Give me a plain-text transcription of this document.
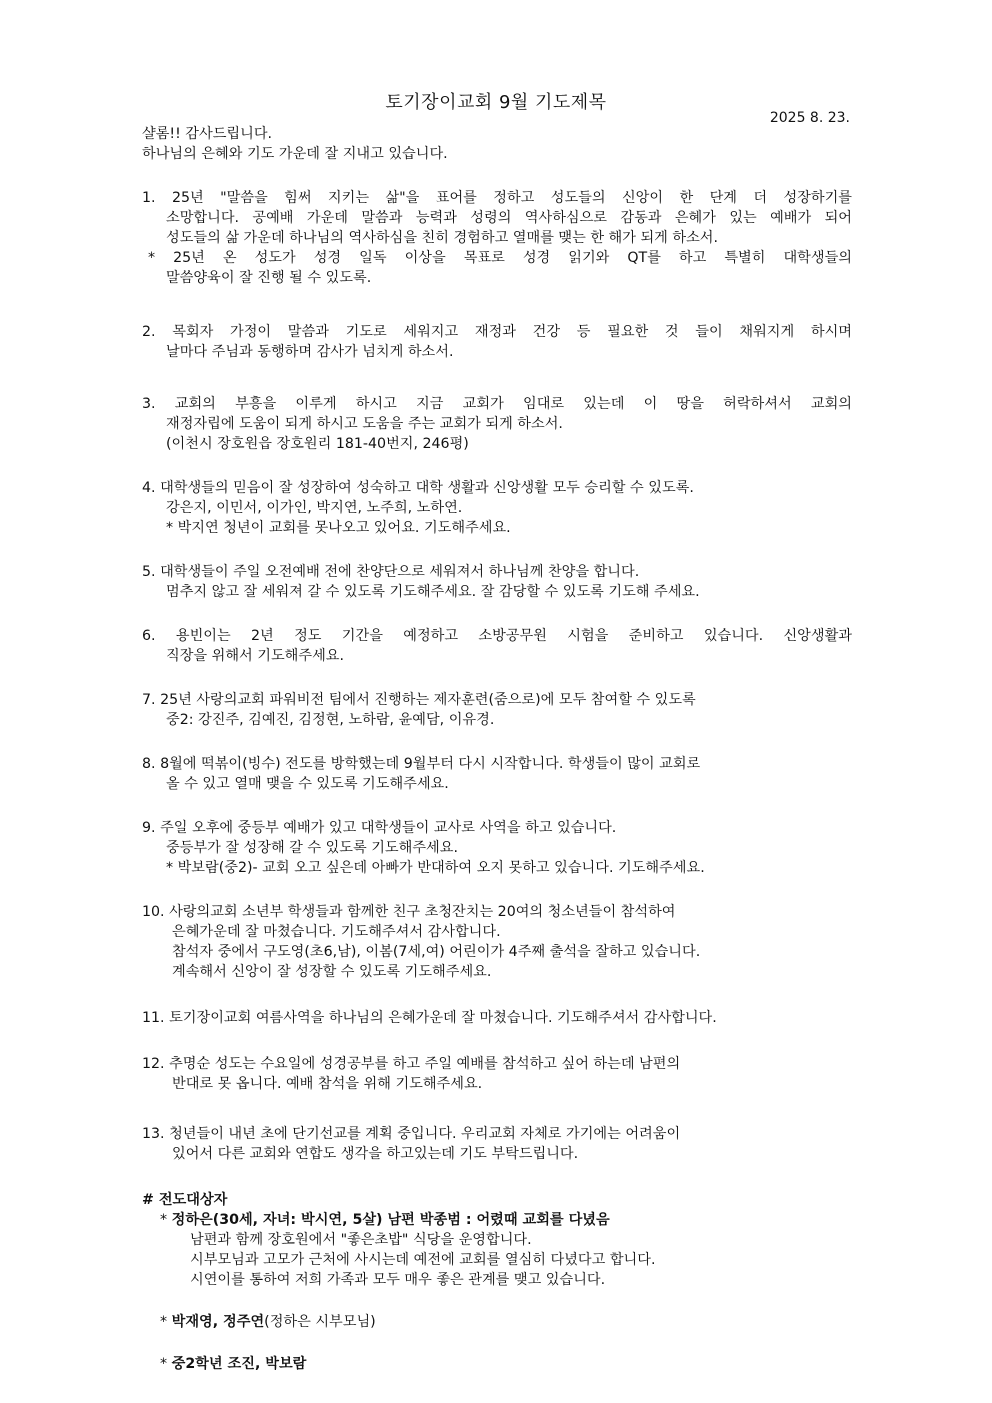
토기장이교회 9월 기도제목
2025 8. 23.
샬롬!! 감사드립니다.
하나님의 은혜와 기도 가운데 잘 지내고 있습니다.
1. 25년 "말씀을 힘써 지키는 삶"을 표어를 정하고 성도들의 신앙이 한 단계 더 성장하기를
소망합니다. 공예배 가운데 말씀과 능력과 성령의 역사하심으로 감동과 은혜가 있는 예배가 되어
성도들의 삶 가운데 하나님의 역사하심을 친히 경험하고 열매를 맺는 한 해가 되게 하소서.
* 25년 온 성도가 성경 일독 이상을 목표로 성경 읽기와 QT를 하고 특별히 대학생들의
말씀양육이 잘 진행 될 수 있도록.
2. 목회자 가정이 말씀과 기도로 세워지고 재정과 건강 등 필요한 것 들이 채워지게 하시며
날마다 주님과 동행하며 감사가 넘치게 하소서.
3. 교회의 부흥을 이루게 하시고 지금 교회가 임대로 있는데 이 땅을 허락하셔서 교회의
재정자립에 도움이 되게 하시고 도움을 주는 교회가 되게 하소서.
(이천시 장호원읍 장호원리 181-40번지, 246평)
4. 대학생들의 믿음이 잘 성장하여 성숙하고 대학 생활과 신앙생활 모두 승리할 수 있도록.
강은지, 이민서, 이가인, 박지연, 노주희, 노하연.
* 박지연 청년이 교회를 못나오고 있어요. 기도해주세요.
5. 대학생들이 주일 오전예배 전에 찬양단으로 세워져서 하나님께 찬양을 합니다.
멈추지 않고 잘 세워져 갈 수 있도록 기도해주세요. 잘 감당할 수 있도록 기도해 주세요.
6. 용빈이는 2년 정도 기간을 예정하고 소방공무원 시험을 준비하고 있습니다. 신앙생활과
직장을 위해서 기도해주세요.
7. 25년 사랑의교회 파워비전 팀에서 진행하는 제자훈련(줌으로)에 모두 참여할 수 있도록
중2: 강진주, 김예진, 김정현, 노하람, 윤예담, 이유경.
8. 8월에 떡볶이(빙수) 전도를 방학했는데 9월부터 다시 시작합니다. 학생들이 많이 교회로
올 수 있고 열매 맺을 수 있도록 기도해주세요.
9. 주일 오후에 중등부 예배가 있고 대학생들이 교사로 사역을 하고 있습니다.
중등부가 잘 성장해 갈 수 있도록 기도해주세요.
* 박보람(중2)- 교회 오고 싶은데 아빠가 반대하여 오지 못하고 있습니다. 기도해주세요.
10. 사랑의교회 소년부 학생들과 함께한 친구 초청잔치는 20여의 청소년들이 참석하여
은혜가운데 잘 마쳤습니다. 기도해주셔서 감사합니다.
참석자 중에서 구도영(초6,남), 이봄(7세,여) 어린이가 4주째 출석을 잘하고 있습니다.
계속해서 신앙이 잘 성장할 수 있도록 기도해주세요.
11. 토기장이교회 여름사역을 하나님의 은혜가운데 잘 마쳤습니다. 기도해주셔서 감사합니다.
12. 추명순 성도는 수요일에 성경공부를 하고 주일 예배를 참석하고 싶어 하는데 남편의
반대로 못 옵니다. 예배 참석을 위해 기도해주세요.
13. 청년들이 내년 초에 단기선교를 계획 중입니다. 우리교회 자체로 가기에는 어려움이
있어서 다른 교회와 연합도 생각을 하고있는데 기도 부탁드립니다.
# 전도대상자
* 정하은(30세, 자녀: 박시연, 5살) 남편 박종범 : 어렸때 교회를 다녔음
남편과 함께 장호원에서 "좋은초밥" 식당을 운영합니다.
시부모님과 고모가 근처에 사시는데 예전에 교회를 열심히 다녔다고 합니다.
시연이를 통하여 저희 가족과 모두 매우 좋은 관계를 맺고 있습니다.
* 박재영, 정주연(정하은 시부모님)
* 중2학년 조진, 박보람
